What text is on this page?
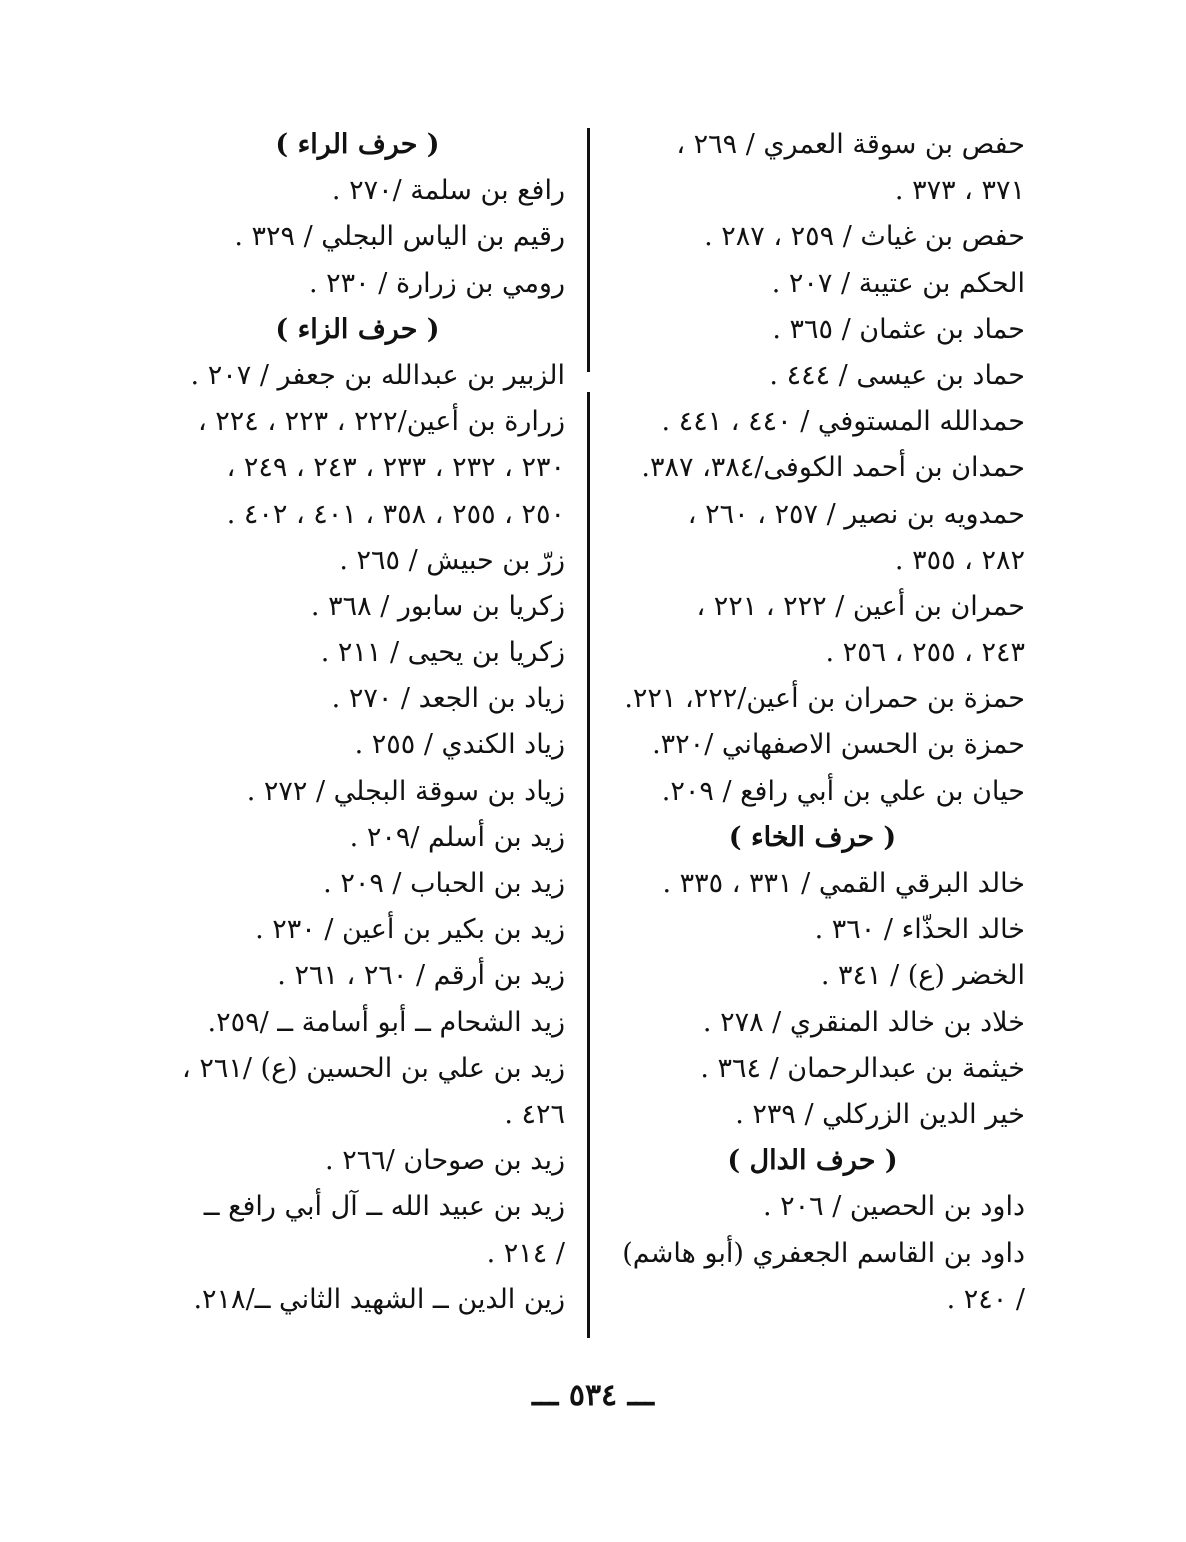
حفص بن سوقة العمري / ٢٦٩ ،
٣٧١ ، ٣٧٣ .
حفص بن غياث / ٢٥٩ ، ٢٨٧ .
الحكم بن عتيبة / ٢٠٧ .
حماد بن عثمان / ٣٦٥ .
حماد بن عيسى / ٤٤٤ .
حمدالله المستوفي / ٤٤٠ ، ٤٤١ .
حمدان بن أحمد الكوفى/٣٨٤، ٣٨٧.
حمدويه بن نصير / ٢٥٧ ، ٢٦٠ ،
٢٨٢ ، ٣٥٥ .
حمران بن أعين / ٢٢٢ ، ٢٢١ ،
٢٤٣ ، ٢٥٥ ، ٢٥٦ .
حمزة بن حمران بن أعين/٢٢٢، ٢٢١.
حمزة بن الحسن الاصفهاني /٣٢٠.
حيان بن علي بن أبي رافع / ٢٠٩.
( حرف الخاء )
خالد البرقي القمي / ٣٣١ ، ٣٣٥ .
خالد الحذّاء / ٣٦٠ .
الخضر (ع) / ٣٤١ .
خلاد بن خالد المنقري / ٢٧٨ .
خيثمة بن عبدالرحمان / ٣٦٤ .
خير الدين الزركلي / ٢٣٩ .
( حرف الدال )
داود بن الحصين / ٢٠٦ .
داود بن القاسم الجعفري (أبو هاشم)
/ ٢٤٠ .
( حرف الراء )
رافع بن سلمة /٢٧٠ .
رقيم بن الياس البجلي / ٣٢٩ .
رومي بن زرارة / ٢٣٠ .
( حرف الزاء )
الزبير بن عبدالله بن جعفر / ٢٠٧ .
زرارة بن أعين/٢٢٢ ، ٢٢٣ ، ٢٢٤ ،
٢٣٠ ، ٢٣٢ ، ٢٣٣ ، ٢٤٣ ، ٢٤٩ ،
٢٥٠ ، ٢٥٥ ، ٣٥٨ ، ٤٠١ ، ٤٠٢ .
زرّ بن حبيش / ٢٦٥ .
زكريا بن سابور / ٣٦٨ .
زكريا بن يحيى / ٢١١ .
زياد بن الجعد / ٢٧٠ .
زياد الكندي / ٢٥٥ .
زياد بن سوقة البجلي / ٢٧٢ .
زيد بن أسلم /٢٠٩ .
زيد بن الحباب / ٢٠٩ .
زيد بن بكير بن أعين / ٢٣٠ .
زيد بن أرقم / ٢٦٠ ، ٢٦١ .
زيد الشحام ــ أبو أسامة ــ /٢٥٩.
زيد بن علي بن الحسين (ع) /٢٦١ ،
٤٢٦ .
زيد بن صوحان /٢٦٦ .
زيد بن عبيد الله ــ آل أبي رافع ــ
/ ٢١٤ .
زين الدين ــ الشهيد الثاني ــ/٢١٨.
ـــ ٥٣٤ ـــ
